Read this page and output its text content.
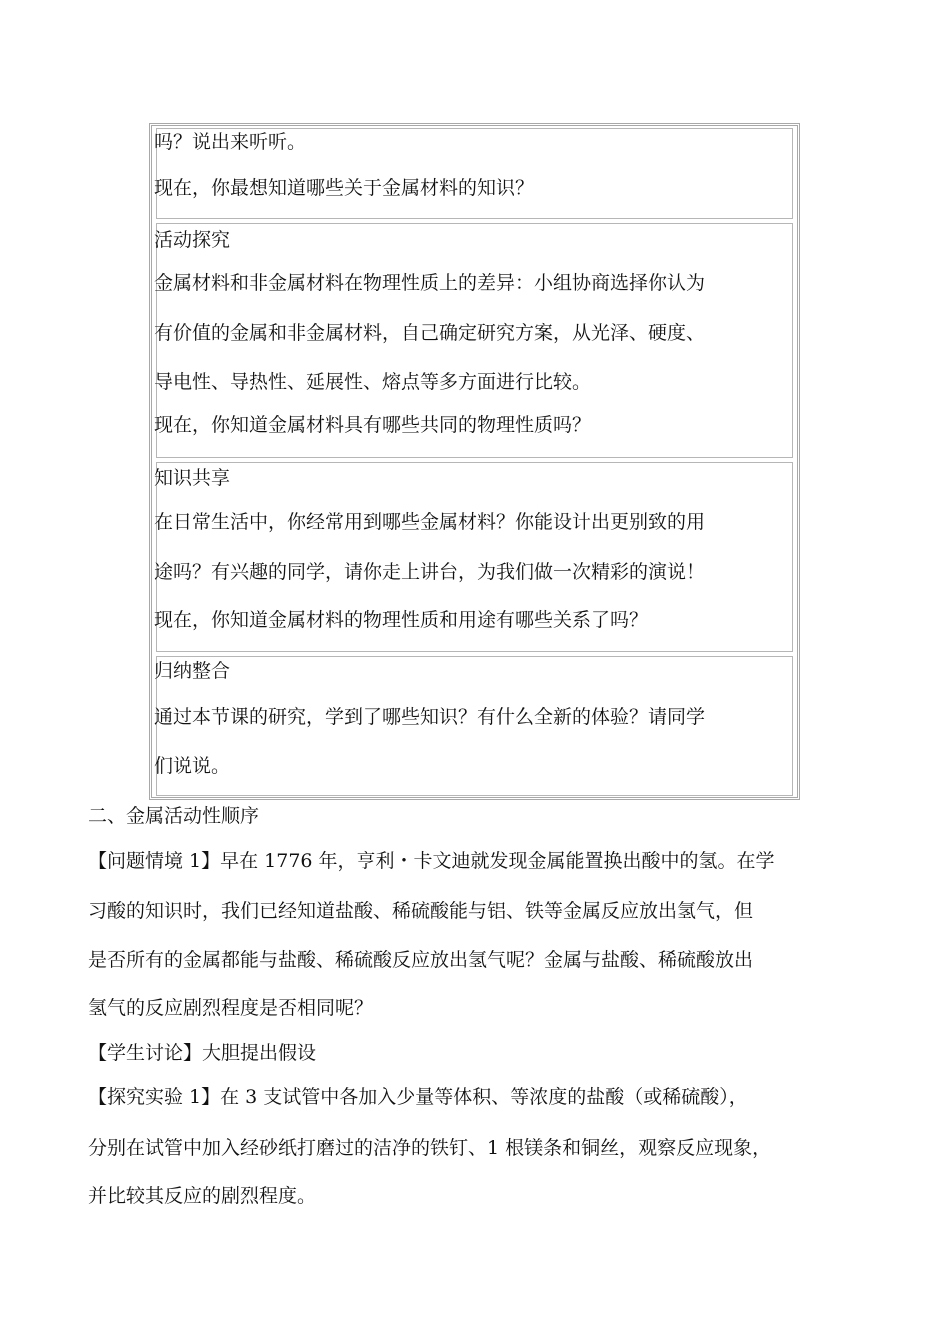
吗？说出来听听。

现在，你最想知道哪些关于金属材料的知识？

活动探究

金属材料和非金属材料在物理性质上的差异：小组协商选择你认为

有价值的金属和非金属材料，自己确定研究方案，从光泽、硬度、

导电性、导热性、延展性、熔点等多方面进行比较。

现在，你知道金属材料具有哪些共同的物理性质吗？

知识共享

在日常生活中，你经常用到哪些金属材料？你能设计出更别致的用

途吗？有兴趣的同学，请你走上讲台，为我们做一次精彩的演说！

现在，你知道金属材料的物理性质和用途有哪些关系了吗？

归纳整合

通过本节课的研究，学到了哪些知识？有什么全新的体验？请同学

们说说。

二、金属活动性顺序

【问题情境 1】早在 1776 年，亨利・卡文迪就发现金属能置换出酸中的氢。在学

习酸的知识时，我们已经知道盐酸、稀硫酸能与铝、铁等金属反应放出氢气，但

是否所有的金属都能与盐酸、稀硫酸反应放出氢气呢？金属与盐酸、稀硫酸放出

氢气的反应剧烈程度是否相同呢？

【学生讨论】大胆提出假设

【探究实验 1】在 3 支试管中各加入少量等体积、等浓度的盐酸（或稀硫酸），

分别在试管中加入经砂纸打磨过的洁净的铁钉、1 根镁条和铜丝，观察反应现象，

并比较其反应的剧烈程度。
